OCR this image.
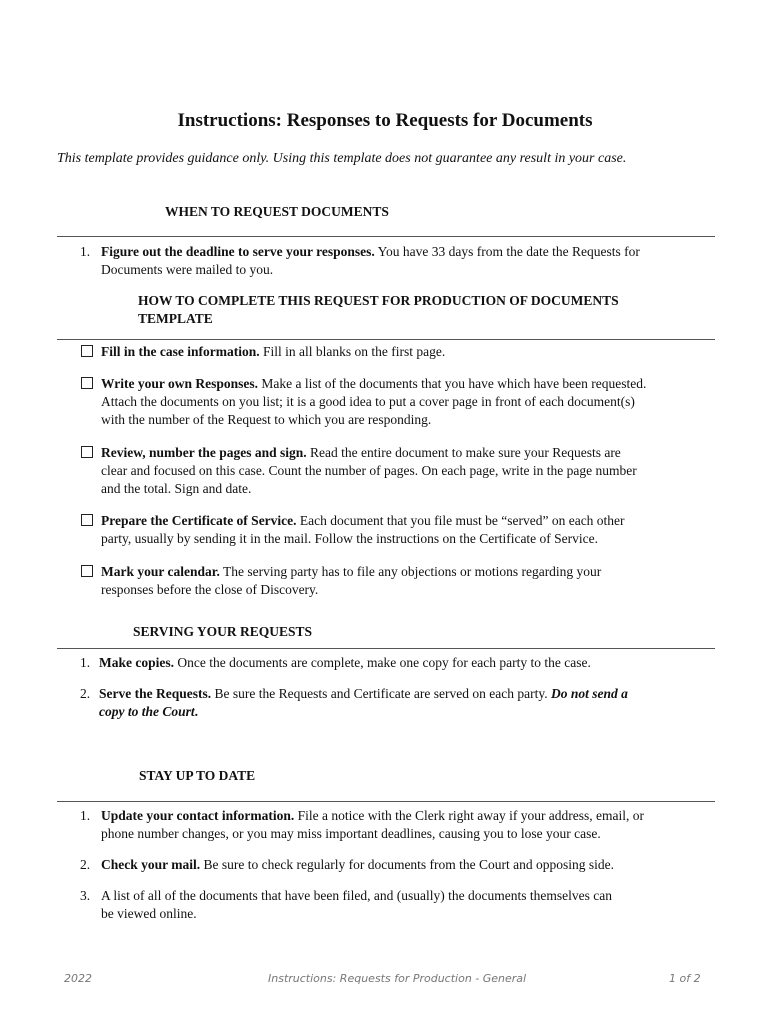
Instructions: Responses to Requests for Documents
This template provides guidance only. Using this template does not guarantee any result in your case.
WHEN TO REQUEST DOCUMENTS
1. Figure out the deadline to serve your responses. You have 33 days from the date the Requests for
Documents were mailed to you.
HOW TO COMPLETE THIS REQUEST FOR PRODUCTION OF DOCUMENTS
TEMPLATE
Fill in the case information. Fill in all blanks on the first page.
Write your own Responses. Make a list of the documents that you have which have been requested.
Attach the documents on you list; it is a good idea to put a cover page in front of each document(s)
with the number of the Request to which you are responding.
Review, number the pages and sign. Read the entire document to make sure your Requests are
clear and focused on this case. Count the number of pages. On each page, write in the page number
and the total. Sign and date.
Prepare the Certificate of Service. Each document that you file must be “served” on each other
party, usually by sending it in the mail. Follow the instructions on the Certificate of Service.
Mark your calendar. The serving party has to file any objections or motions regarding your
responses before the close of Discovery.
SERVING YOUR REQUESTS
1. Make copies. Once the documents are complete, make one copy for each party to the case.
2. Serve the Requests. Be sure the Requests and Certificate are served on each party. Do not send a
copy to the Court.
STAY UP TO DATE
1. Update your contact information. File a notice with the Clerk right away if your address, email, or
phone number changes, or you may miss important deadlines, causing you to lose your case.
2. Check your mail. Be sure to check regularly for documents from the Court and opposing side.
3. A list of all of the documents that have been filed, and (usually) the documents themselves can
be viewed online.
2022	Instructions: Requests for Production - General	1 of 2
